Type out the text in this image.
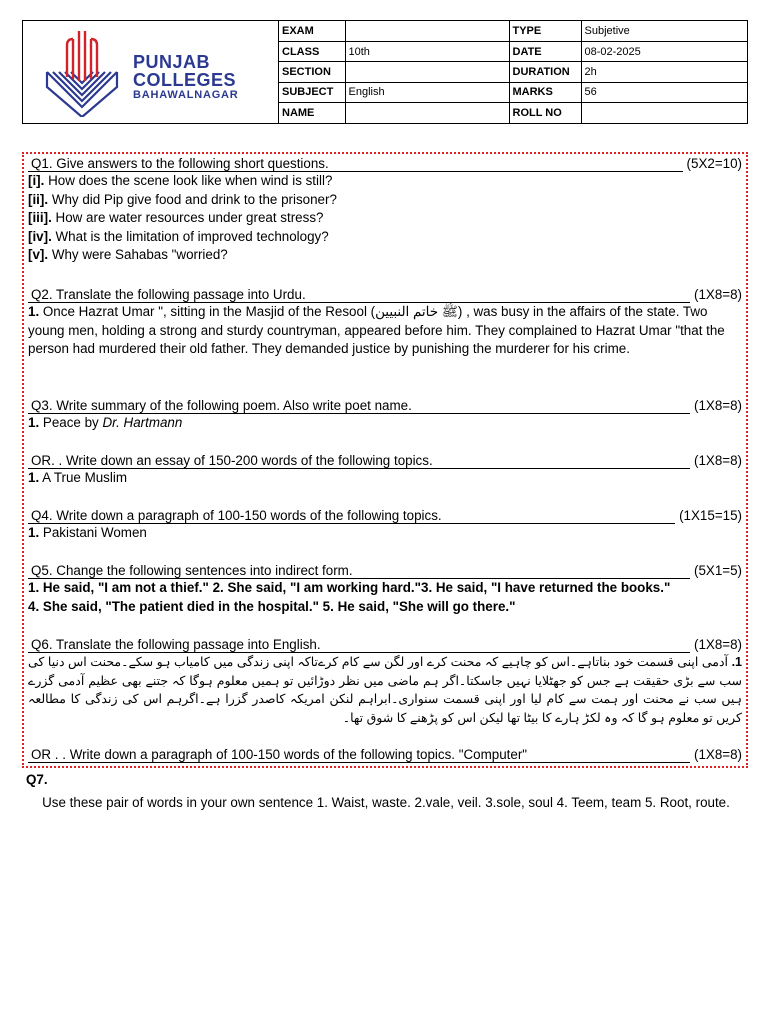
PUNJAB
COLLEGES
BAHAWALNAGAR
EXAM		TYPE	Subjetive
CLASS	10th	DATE	08-02-2025
SECTION		DURATION	2h
SUBJECT	English	MARKS	56
NAME		ROLL NO	
Q1. Give answers to the following short questions.	(5X2=10)
[i]. How does the scene look like when wind is still?
[ii]. Why did Pip give food and drink to the prisoner?
[iii]. How are water resources under great stress?
[iv]. What is the limitation of improved technology?
[v]. Why were Sahabas "worried?
Q2. Translate the following passage into Urdu.	(1X8=8)
1. Once Hazrat Umar ", sitting in the Masjid of the Resool (ﷺ خاتم النبیین) , was busy in the affairs of the state. Two young men, holding a strong and sturdy countryman, appeared before him. They complained to Hazrat Umar "that the person had murdered their old father. They demanded justice by punishing the murderer for his crime.
Q3. Write summary of the following poem. Also write poet name.	(1X8=8)
1. Peace by Dr. Hartmann
OR. . Write down an essay of 150-200 words of the following topics.	(1X8=8)
1. A True Muslim
Q4. Write down a paragraph of 100-150 words of the following topics.	(1X15=15)
1. Pakistani Women
Q5. Change the following sentences into indirect form.	(5X1=5)
1. He said, "I am not a thief." 2. She said, "I am working hard."3. He said, "I have returned the books."
4. She said, "The patient died in the hospital." 5. He said, "She will go there."
Q6. Translate the following passage into English.	(1X8=8)
1. آدمی اپنی قسمت خود بناتاہے۔اس کو چاہیے کہ محنت کرے اور لگن سے کام کرےتاکہ اپنی زندگی میں کامیاب ہو سکے۔محنت اس دنیا کی سب سے بڑی حقیقت ہے جس کو جھٹلایا نہیں جاسکتا۔اگر ہم ماضی میں نظر دوڑائیں تو ہمیں معلوم ہوگا کہ جتنے بھی عظیم آدمی گزرے ہیں سب نے محنت اور ہمت سے کام لیا اور اپنی قسمت سنواری۔ابراہم لنکن امریکہ کاصدر گزرا ہے۔اگرہم اس کی زندگی کا مطالعہ کریں تو معلوم ہو گا کہ وہ لکڑ ہارے کا بیٹا تھا لیکن اس کو پڑھنے کا شوق تھا۔
OR . . Write down a paragraph of 100-150 words of the following topics. "Computer"	(1X8=8)
Q7.
Use these pair of words in your own sentence 1. Waist, waste. 2.vale, veil. 3.sole, soul 4. Teem, team 5. Root, route.
